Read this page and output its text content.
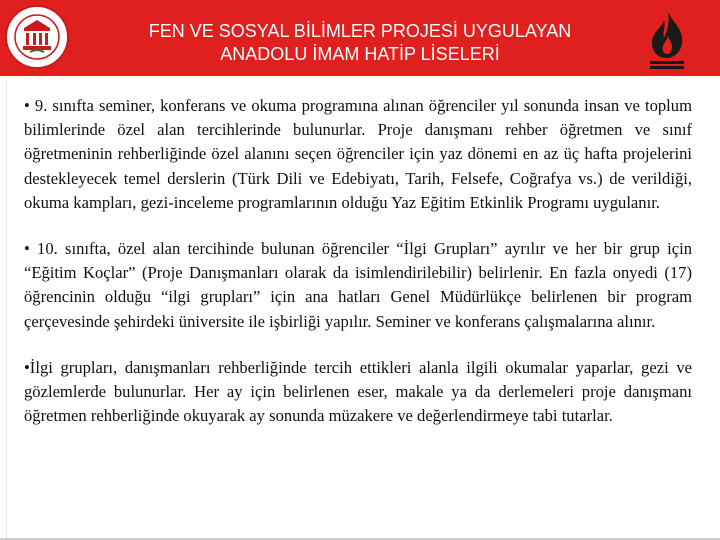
FEN VE SOSYAL BİLİMLER PROJESİ UYGULAYAN
ANADOLU İMAM HATİP LİSELERİ

• 9. sınıfta seminer, konferans ve okuma programına alınan öğrenciler yıl sonunda insan ve toplum bilimlerinde özel alan tercihlerinde bulunurlar. Proje danışmanı rehber öğretmen ve sınıf öğretmeninin rehberliğinde özel alanını seçen öğrenciler için yaz dönemi en az üç hafta projelerini destekleyecek temel derslerin (Türk Dili ve Edebiyatı, Tarih, Felsefe, Coğrafya vs.) de verildiği, okuma kampları, gezi-inceleme programlarının olduğu Yaz Eğitim Etkinlik Programı uygulanır.

• 10. sınıfta, özel alan tercihinde bulunan öğrenciler “İlgi Grupları” ayrılır ve her bir grup için “Eğitim Koçlar” (Proje Danışmanları olarak da isimlendirilebilir) belirlenir. En fazla onyedi (17) öğrencinin olduğu “ilgi grupları” için ana hatları Genel Müdürlükçe belirlenen bir program çerçevesinde şehirdeki üniversite ile işbirliği yapılır. Seminer ve konferans çalışmalarına alınır.

•İlgi grupları, danışmanları rehberliğinde tercih ettikleri alanla ilgili okumalar yaparlar, gezi ve gözlemlerde bulunurlar. Her ay için belirlenen eser, makale ya da derlemeleri proje danışmanı öğretmen rehberliğinde okuyarak ay sonunda müzakere ve değerlendirmeye tabi tutarlar.
